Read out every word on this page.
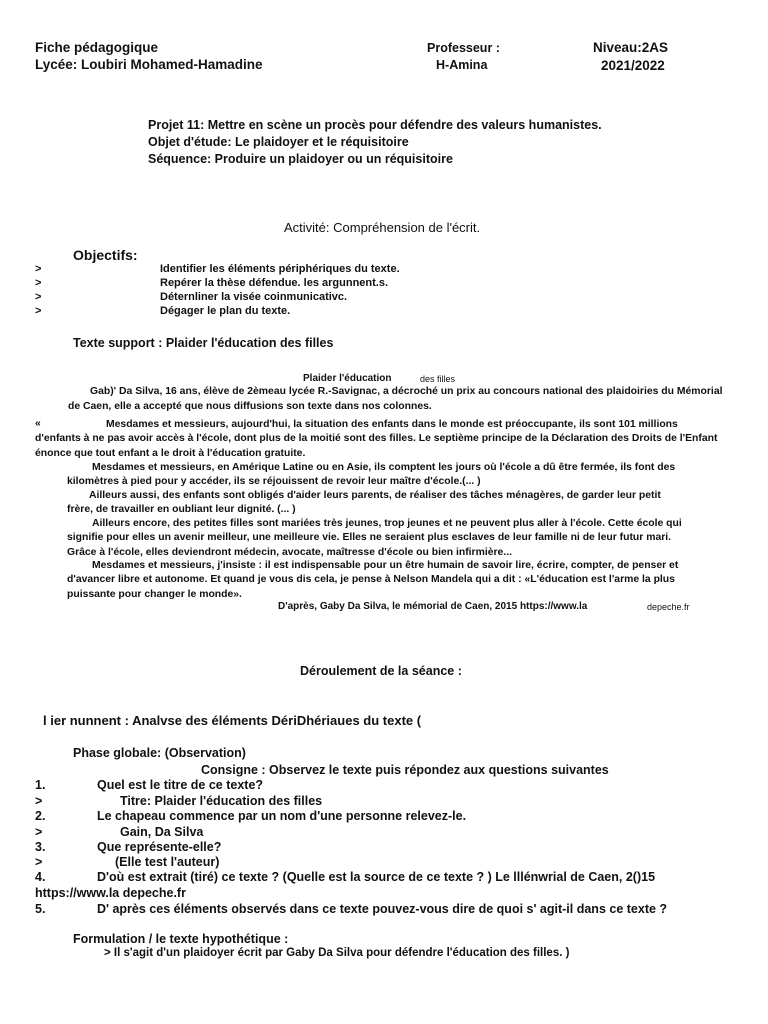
Fiche pédagogique
Lycée: Loubiri Mohamed-Hamadine
Professeur :
H-Amina
Niveau:2AS
2021/2022
Projet 11: Mettre en scène un procès pour défendre des valeurs humanistes.
Objet d'étude: Le plaidoyer et le réquisitoire
Séquence: Produire un plaidoyer ou un réquisitoire
Activité: Compréhension de l'écrit.
Objectifs:
>	Identifier les éléments périphériques du texte.
>	Repérer la thèse défendue. les argunnent.s.
>	Déternliner la visée coinmunicativc.
>	Dégager le plan du texte.
Texte support : Plaider l'éducation des filles
Plaider l'éducation	des filles
Gab)' Da Silva, 16 ans, élève de 2èmeau lycée R.-Savignac, a décroché un prix au concours national des plaidoiries du Mémorial
de Caen, elle a accepté que nous diffusions son texte dans nos colonnes.
«	Mesdames et messieurs, aujourd'hui, la situation des enfants dans le monde est préoccupante, ils sont 101 millions
d'enfants à ne pas avoir accès à l'école, dont plus de la moitié sont des filles. Le septième principe de la Déclaration des Droits de l'Enfant
énonce que tout enfant a le droit à l'éducation gratuite.
Mesdames et messieurs, en Amérique Latine ou en Asie, ils comptent les jours où l'école a dû être fermée, ils font des
kilomètres à pied pour y accéder, ils se réjouissent de revoir leur maître d'école.(... )
Ailleurs aussi, des enfants sont obligés d'aider leurs parents, de réaliser des tâches ménagères, de garder leur petit
frère, de travailler en oubliant leur dignité. (... )
Ailleurs encore, des petites filles sont mariées très jeunes, trop jeunes et ne peuvent plus aller à l'école. Cette école qui
signifie pour elles un avenir meilleur, une meilleure vie. Elles ne seraient plus esclaves de leur famille ni de leur futur mari.
Grâce à l'école, elles deviendront médecin, avocate, maîtresse d'école ou bien infirmière...
Mesdames et messieurs, j'insiste : il est indispensable pour un être humain de savoir lire, écrire, compter, de penser et
d'avancer libre et autonome. Et quand je vous dis cela, je pense à Nelson Mandela qui a dit : «L'éducation est l'arme la plus
puissante pour changer le monde».
D'après, Gaby Da Silva, le mémorial de Caen, 2015 https://www.la	depeche.fr
Déroulement de la séance :
l ier nunnent : Analvse des éléments DériDhériaues du texte (
Phase globale: (Observation)
Consigne : Observez le texte puis répondez aux questions suivantes
1.	Quel est le titre de ce texte?
>	Titre: Plaider l'éducation des filles
2.	Le chapeau commence par un nom d'une personne relevez-le.
>	Gain, Da Silva
3.	Que représente-elle?
>	(Elle test l'auteur)
4.	D'où est extrait (tiré) ce texte ? (Quelle est la source de ce texte ? ) Le lllénwrial de Caen, 2()15
https://www.la depeche.fr
5.	D' après ces éléments observés dans ce texte pouvez-vous dire de quoi s' agit-il dans ce texte ?
Formulation / le texte hypothétique :
> Il s'agit d'un plaidoyer écrit par Gaby Da Silva pour défendre l'éducation des filles. )
